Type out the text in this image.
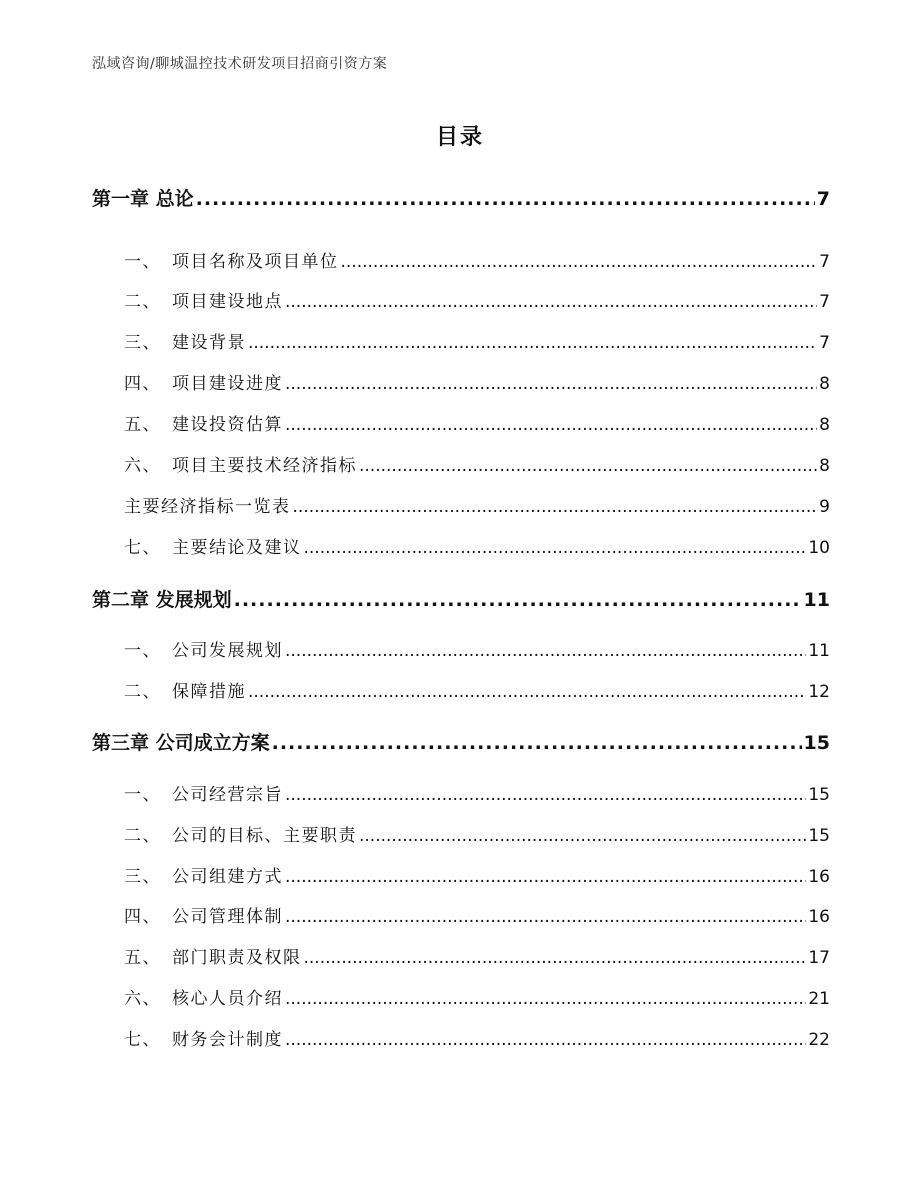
泓域咨询/聊城温控技术研发项目招商引资方案
目录
第一章 总论 .....	7
一、 项目名称及项目单位 .....	7
二、 项目建设地点 .....	7
三、 建设背景 .....	7
四、 项目建设进度 .....	8
五、 建设投资估算 .....	8
六、 项目主要技术经济指标 .....	8
主要经济指标一览表 .....	9
七、 主要结论及建议 .....	10
第二章 发展规划 .....	11
一、 公司发展规划 .....	11
二、 保障措施 .....	12
第三章 公司成立方案 .....	15
一、 公司经营宗旨 .....	15
二、 公司的目标、主要职责 .....	15
三、 公司组建方式 .....	16
四、 公司管理体制 .....	16
五、 部门职责及权限 .....	17
六、 核心人员介绍 .....	21
七、 财务会计制度 .....	22
